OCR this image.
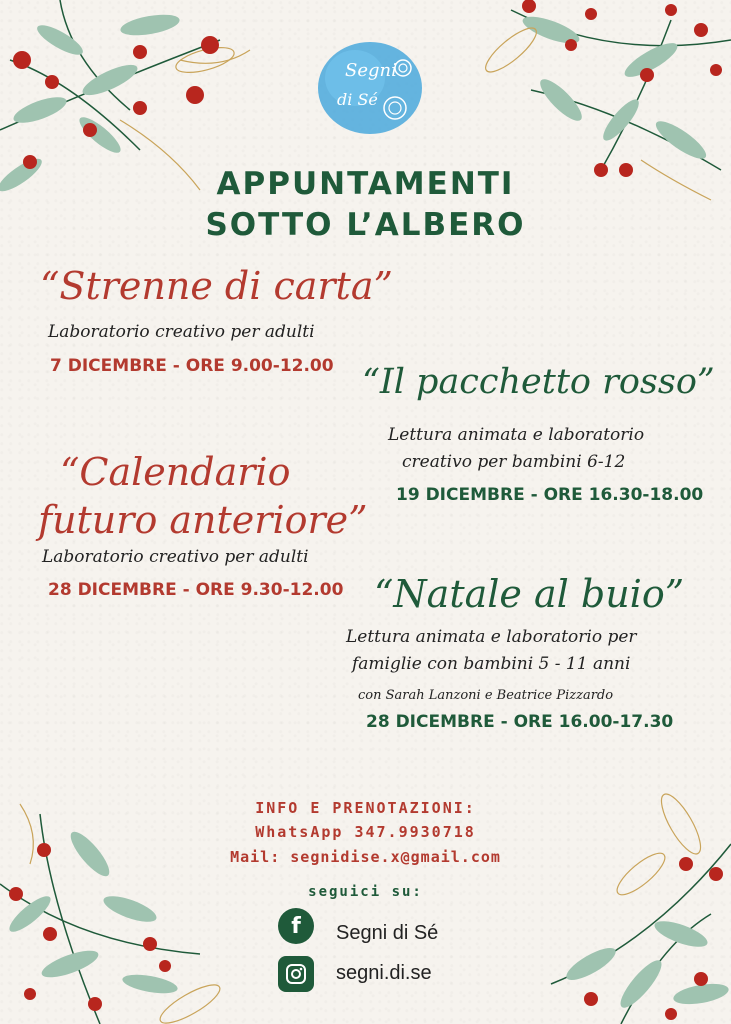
Segni
di Sé
APPUNTAMENTI
SOTTO L’ALBERO
“Strenne di carta”
Laboratorio creativo per adulti
7 DICEMBRE - ORE 9.00-12.00 “Il pacchetto rosso”
Lettura animata e laboratorio
creativo per bambini 6-12
19 DICEMBRE - ORE 16.30-18.00
“Calendario
futuro anteriore”
Laboratorio creativo per adulti
28 DICEMBRE - ORE 9.30-12.00 “Natale al buio”
Lettura animata e laboratorio per
famiglie con bambini 5 - 11 anni
con Sarah Lanzoni e Beatrice Pizzardo
28 DICEMBRE - ORE 16.00-17.30
INFO E PRENOTAZIONI:
WhatsApp 347.9930718
Mail: segnidise.x@gmail.com
seguici su:
f	Segni di Sé
segni.di.se
